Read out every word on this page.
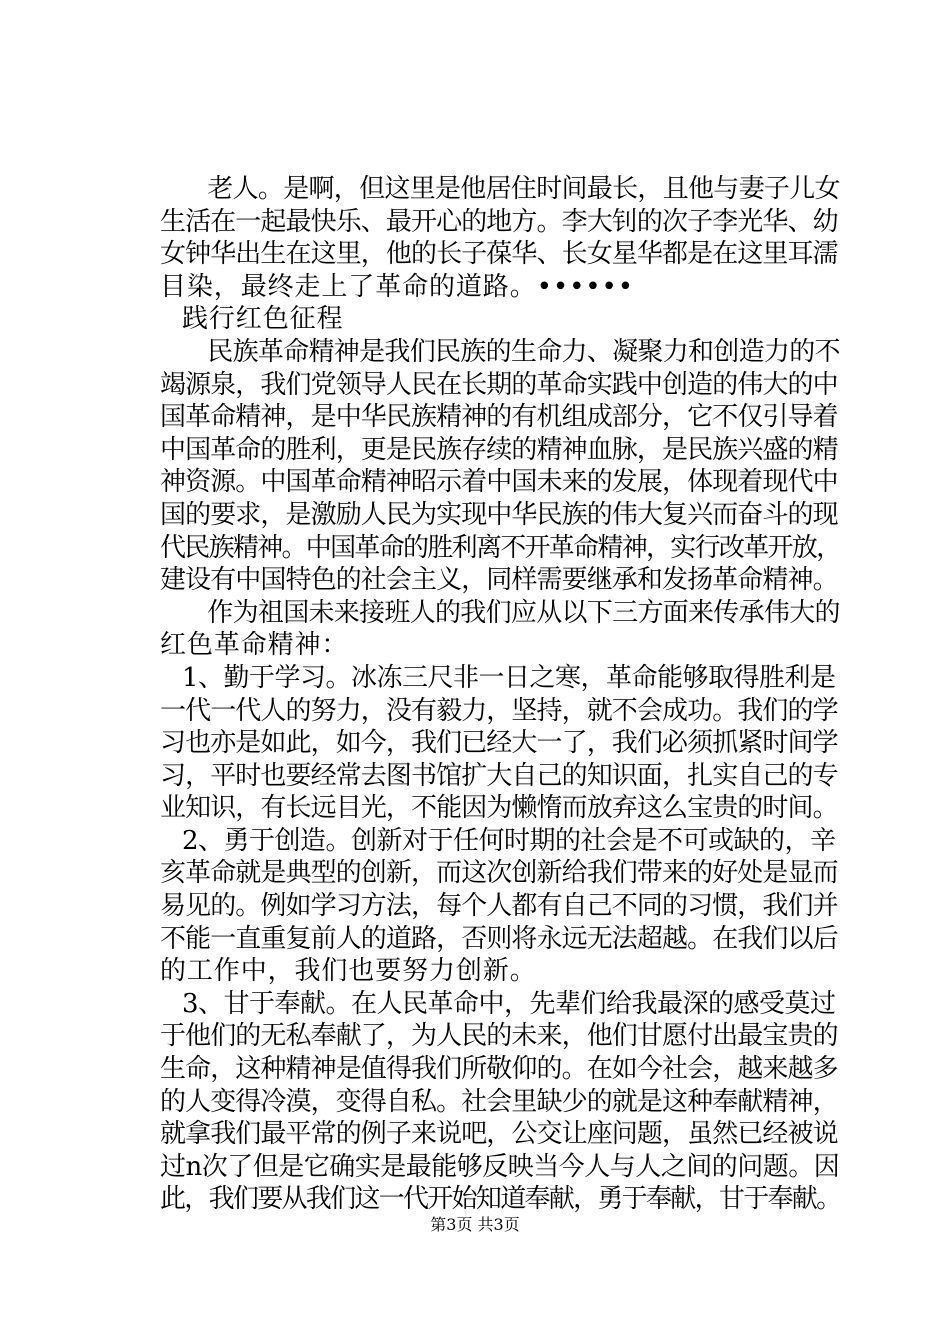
　老人。是啊，但这里是他居住时间最长，且他与妻子儿女
生活在一起最快乐、最开心的地方。李大钊的次子李光华、幼
女钟华出生在这里，他的长子葆华、长女星华都是在这里耳濡
目染，最终走上了革命的道路。••••••
践行红色征程
　民族革命精神是我们民族的生命力、凝聚力和创造力的不
竭源泉，我们党领导人民在长期的革命实践中创造的伟大的中
国革命精神，是中华民族精神的有机组成部分，它不仅引导着
中国革命的胜利，更是民族存续的精神血脉，是民族兴盛的精
神资源。中国革命精神昭示着中国未来的发展，体现着现代中
国的要求，是激励人民为实现中华民族的伟大复兴而奋斗的现
代民族精神。中国革命的胜利离不开革命精神，实行改革开放，
建设有中国特色的社会主义，同样需要继承和发扬革命精神。
　作为祖国未来接班人的我们应从以下三方面来传承伟大的
红色革命精神：
1、勤于学习。冰冻三尺非一日之寒，革命能够取得胜利是
一代一代人的努力，没有毅力，坚持，就不会成功。我们的学
习也亦是如此，如今，我们已经大一了，我们必须抓紧时间学
习，平时也要经常去图书馆扩大自己的知识面，扎实自己的专
业知识，有长远目光，不能因为懒惰而放弃这么宝贵的时间。
2、勇于创造。创新对于任何时期的社会是不可或缺的，辛
亥革命就是典型的创新，而这次创新给我们带来的好处是显而
易见的。例如学习方法，每个人都有自己不同的习惯，我们并
不能一直重复前人的道路，否则将永远无法超越。在我们以后
的工作中，我们也要努力创新。
3、甘于奉献。在人民革命中，先辈们给我最深的感受莫过
于他们的无私奉献了，为人民的未来，他们甘愿付出最宝贵的
生命，这种精神是值得我们所敬仰的。在如今社会，越来越多
的人变得冷漠，变得自私。社会里缺少的就是这种奉献精神，
就拿我们最平常的例子来说吧，公交让座问题，虽然已经被说
过n次了但是它确实是最能够反映当今人与人之间的问题。因
此，我们要从我们这一代开始知道奉献，勇于奉献，甘于奉献。
第3页 共3页
